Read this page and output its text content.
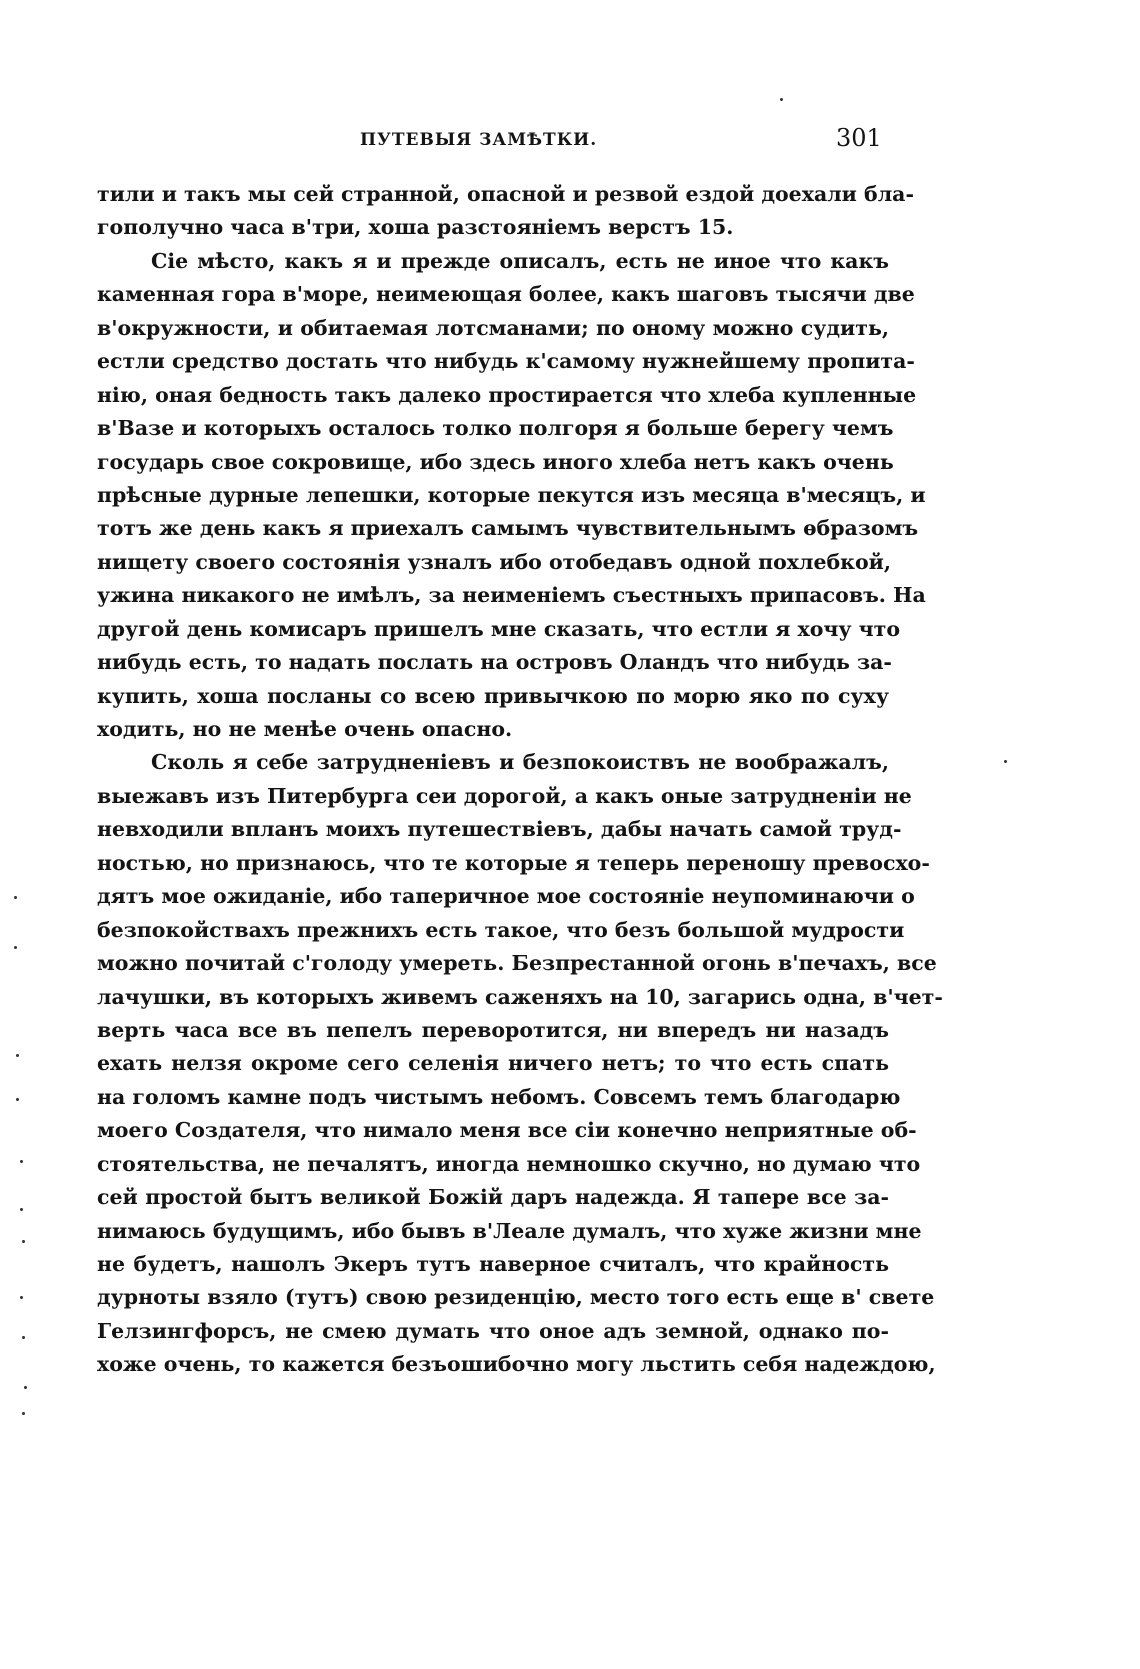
ПУТЕВЫЯ ЗАМѢТКИ.	301
тили и такъ мы сей странной, опасной и резвой ездой доехали бла-
гополучно часа в'три, хоша разстояніемъ верстъ 15.
Сіе мѣсто, какъ я и прежде описалъ, есть не иное что какъ
каменная гора в'море, неимеющая более, какъ шаговъ тысячи две
в'окружности, и обитаемая лотсманами; по оному можно судить,
естли средство достать что нибудь к'самому нужнейшему пропита-
нію, оная бедность такъ далеко простирается что хлеба купленные
в'Вазе и которыхъ осталось толко полгоря я больше берегу чемъ
государь свое сокровище, ибо здесь иного хлеба нетъ какъ очень
прѣсные дурные лепешки, которые пекутся изъ месяца в'месяцъ, и
тотъ же день какъ я приехалъ самымъ чувствительнымъ ѳбразомъ
нищету своего состоянія узналъ ибо отобедавъ одной похлебкой,
ужина никакого не имѣлъ, за неименіемъ съестныхъ припасовъ. На
другой день комисаръ пришелъ мне сказать, что естли я хочу что
нибудь есть, то надать послать на островъ Оландъ что нибудь за-
купить, хоша посланы со всею привычкою по морю яко по суху
ходить, но не менѣе очень опасно.
Сколь я себе затрудненіевъ и безпокоиствъ не воображалъ,
выежавъ изъ Питербурга сеи дорогой, а какъ оные затрудненіи не
невходили впланъ моихъ путешествіевъ, дабы начать самой труд-
ностью, но признаюсь, что те которые я теперь переношу превосхо-
дятъ мое ожиданіе, ибо таперичное мое состояніе неупоминаючи о
безпокойствахъ прежнихъ есть такое, что безъ большой мудрости
можно почитай с'голоду умереть. Безпрестанной огонь в'печахъ, все
лачушки, въ которыхъ живемъ саженяхъ на 10, загарись одна, в'чет-
верть часа все въ пепелъ переворотится, ни впередъ ни назадъ
ехать нелзя окроме сего селенія ничего нетъ; то что есть спать
на голомъ камне подъ чистымъ небомъ. Совсемъ темъ благодарю
моего Создателя, что нимало меня все сіи конечно неприятные об-
стоятельства, не печалятъ, иногда немношко скучно, но думаю что
сей простой бытъ великой Божій даръ надежда. Я тапере все за-
нимаюсь будущимъ, ибо бывъ в'Леале думалъ, что хуже жизни мне
не будетъ, нашолъ Экеръ тутъ наверное считалъ, что крайность
дурноты взяло (тутъ) свою резиденцію, место того есть еще в' свете
Гелзингфорсъ, не смею думать что оное адъ земной, однако по-
хоже очень, то кажется безъошибочно могу льстить себя надеждою,
